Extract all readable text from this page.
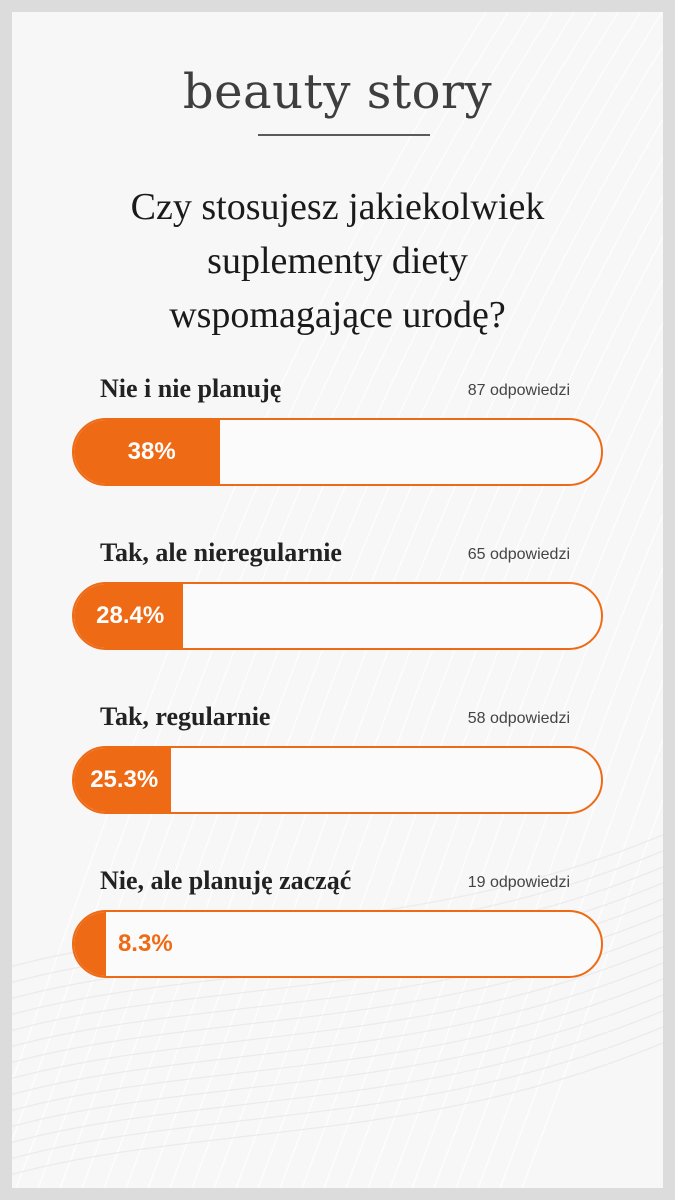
beauty story
Czy stosujesz jakiekolwiek
suplementy diety
wspomagające urodę?
Nie i nie planuję	87 odpowiedzi
38%
Tak, ale nieregularnie	65 odpowiedzi
28.4%
Tak, regularnie	58 odpowiedzi
25.3%
Nie, ale planuję zacząć	19 odpowiedzi
8.3%
